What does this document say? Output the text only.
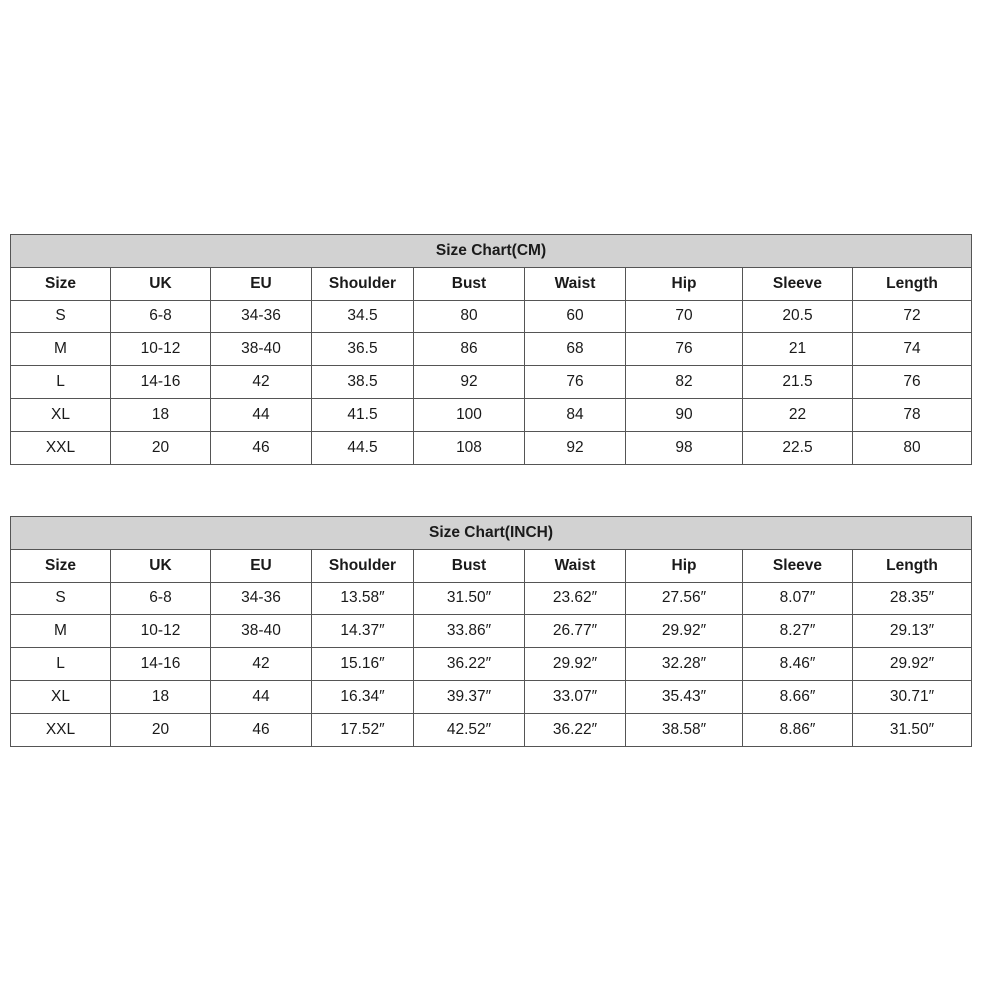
Size Chart(CM)								
Size	UK	EU	Shoulder	Bust	Waist	Hip	Sleeve	Length
S	6-8	34-36	34.5	80	60	70	20.5	72
M	10-12	38-40	36.5	86	68	76	21	74
L	14-16	42	38.5	92	76	82	21.5	76
XL	18	44	41.5	100	84	90	22	78
XXL	20	46	44.5	108	92	98	22.5	80
Size Chart(INCH)								
Size	UK	EU	Shoulder	Bust	Waist	Hip	Sleeve	Length
S	6-8	34-36	13.58″	31.50″	23.62″	27.56″	8.07″	28.35″
M	10-12	38-40	14.37″	33.86″	26.77″	29.92″	8.27″	29.13″
L	14-16	42	15.16″	36.22″	29.92″	32.28″	8.46″	29.92″
XL	18	44	16.34″	39.37″	33.07″	35.43″	8.66″	30.71″
XXL	20	46	17.52″	42.52″	36.22″	38.58″	8.86″	31.50″
